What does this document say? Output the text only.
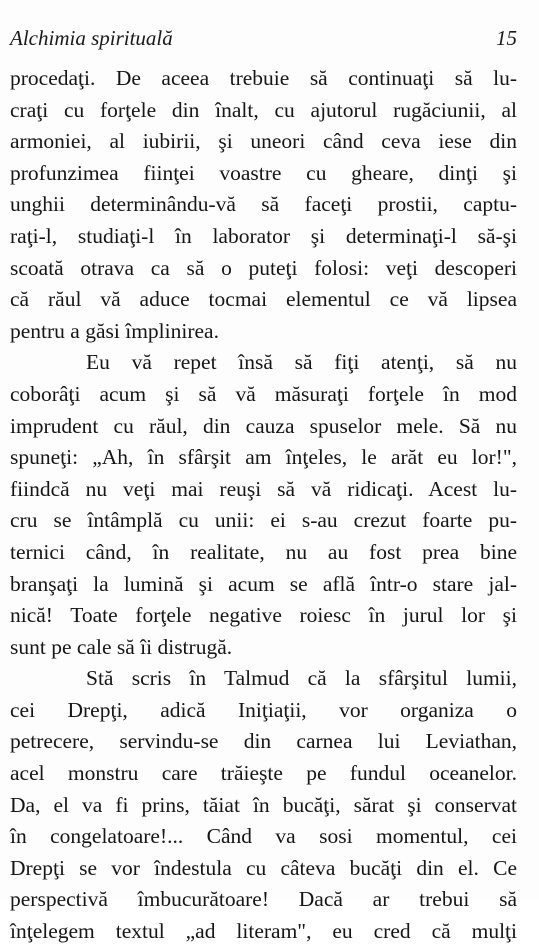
Alchimia spirituală	15
procedaţi. De aceea trebuie să continuaţi să lu-
craţi cu forţele din înalt, cu ajutorul rugăciunii, al
armoniei, al iubirii, şi uneori când ceva iese din
profunzimea fiinţei voastre cu gheare, dinţi şi
unghii determinându-vă să faceţi prostii, captu-
raţi-l, studiaţi-l în laborator şi determinaţi-l să-şi
scoată otrava ca să o puteţi folosi: veţi descoperi
că răul vă aduce tocmai elementul ce vă lipsea
pentru a găsi împlinirea.
Eu vă repet însă să fiţi atenţi, să nu
coborâţi acum şi să vă măsuraţi forţele în mod
imprudent cu răul, din cauza spuselor mele. Să nu
spuneţi: „Ah, în sfârşit am înţeles, le arăt eu lor!",
fiindcă nu veţi mai reuşi să vă ridicaţi. Acest lu-
cru se întâmplă cu unii: ei s-au crezut foarte pu-
ternici când, în realitate, nu au fost prea bine
branşaţi la lumină şi acum se află într-o stare jal-
nică! Toate forţele negative roiesc în jurul lor şi
sunt pe cale să îi distrugă.
Stă scris în Talmud că la sfârşitul lumii,
cei Drepţi, adică Iniţiaţii, vor organiza o
petrecere, servindu-se din carnea lui Leviathan,
acel monstru care trăieşte pe fundul oceanelor.
Da, el va fi prins, tăiat în bucăţi, sărat şi conservat
în congelatoare!... Când va sosi momentul, cei
Drepţi se vor îndestula cu câteva bucăţi din el. Ce
perspectivă îmbucurătoare! Dacă ar trebui să
înţelegem textul „ad literam", eu cred că mulţi
